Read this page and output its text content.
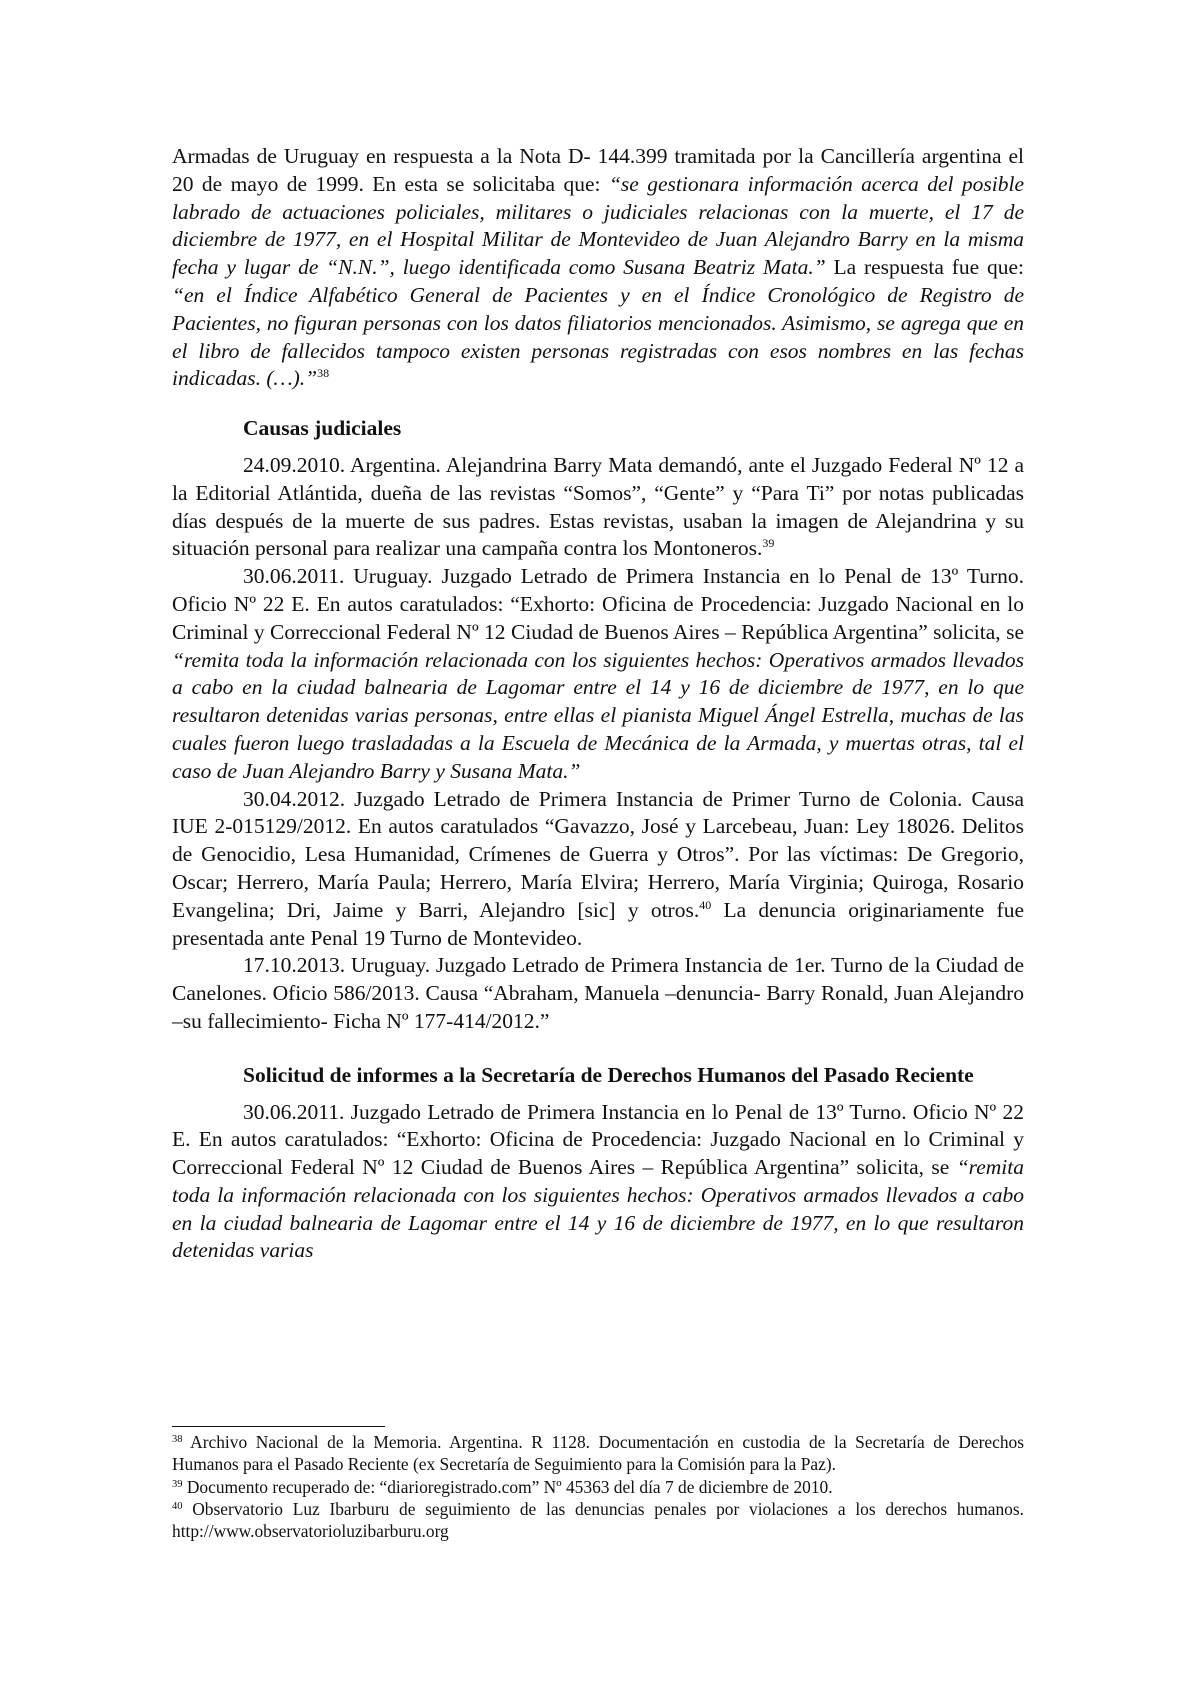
Armadas de Uruguay en respuesta a la Nota D- 144.399 tramitada por la Cancillería argentina el 20 de mayo de 1999. En esta se solicitaba que: “se gestionara información acerca del posible labrado de actuaciones policiales, militares o judiciales relacionas con la muerte, el 17 de diciembre de 1977, en el Hospital Militar de Montevideo de Juan Alejandro Barry en la misma fecha y lugar de “N.N.”, luego identificada como Susana Beatriz Mata.” La respuesta fue que: “en el Índice Alfabético General de Pacientes y en el Índice Cronológico de Registro de Pacientes, no figuran personas con los datos filiatorios mencionados. Asimismo, se agrega que en el libro de fallecidos tampoco existen personas registradas con esos nombres en las fechas indicadas. (…).”$^{38}$

Causas judiciales

24.09.2010. Argentina. Alejandrina Barry Mata demandó, ante el Juzgado Federal Nº 12 a la Editorial Atlántida, dueña de las revistas “Somos”, “Gente” y “Para Ti” por notas publicadas días después de la muerte de sus padres. Estas revistas, usaban la imagen de Alejandrina y su situación personal para realizar una campaña contra los Montoneros.$^{39}$

30.06.2011. Uruguay. Juzgado Letrado de Primera Instancia en lo Penal de 13º Turno. Oficio Nº 22 E. En autos caratulados: “Exhorto: Oficina de Procedencia: Juzgado Nacional en lo Criminal y Correccional Federal Nº 12 Ciudad de Buenos Aires – República Argentina” solicita, se “remita toda la información relacionada con los siguientes hechos: Operativos armados llevados a cabo en la ciudad balnearia de Lagomar entre el 14 y 16 de diciembre de 1977, en lo que resultaron detenidas varias personas, entre ellas el pianista Miguel Ángel Estrella, muchas de las cuales fueron luego trasladadas a la Escuela de Mecánica de la Armada, y muertas otras, tal el caso de Juan Alejandro Barry y Susana Mata.”

30.04.2012. Juzgado Letrado de Primera Instancia de Primer Turno de Colonia. Causa IUE 2-015129/2012. En autos caratulados “Gavazzo, José y Larcebeau, Juan: Ley 18026. Delitos de Genocidio, Lesa Humanidad, Crímenes de Guerra y Otros”. Por las víctimas: De Gregorio, Oscar; Herrero, María Paula; Herrero, María Elvira; Herrero, María Virginia; Quiroga, Rosario Evangelina; Dri, Jaime y Barri, Alejandro [sic] y otros.$^{40}$ La denuncia originariamente fue presentada ante Penal 19 Turno de Montevideo.

17.10.2013. Uruguay. Juzgado Letrado de Primera Instancia de 1er. Turno de la Ciudad de Canelones. Oficio 586/2013. Causa “Abraham, Manuela –denuncia- Barry Ronald, Juan Alejandro –su fallecimiento- Ficha Nº 177-414/2012.”

Solicitud de informes a la Secretaría de Derechos Humanos del Pasado Reciente

30.06.2011. Juzgado Letrado de Primera Instancia en lo Penal de 13º Turno. Oficio Nº 22 E. En autos caratulados: “Exhorto: Oficina de Procedencia: Juzgado Nacional en lo Criminal y Correccional Federal Nº 12 Ciudad de Buenos Aires – República Argentina” solicita, se “remita toda la información relacionada con los siguientes hechos: Operativos armados llevados a cabo en la ciudad balnearia de Lagomar entre el 14 y 16 de diciembre de 1977, en lo que resultaron detenidas varias

$^{38}$ Archivo Nacional de la Memoria. Argentina. R 1128. Documentación en custodia de la Secretaría de Derechos Humanos para el Pasado Reciente (ex Secretaría de Seguimiento para la Comisión para la Paz).

$^{39}$ Documento recuperado de: “diarioregistrado.com” Nº 45363 del día 7 de diciembre de 2010.

$^{40}$ Observatorio Luz Ibarburu de seguimiento de las denuncias penales por violaciones a los derechos humanos. http://www.observatorioluzibarburu.org
